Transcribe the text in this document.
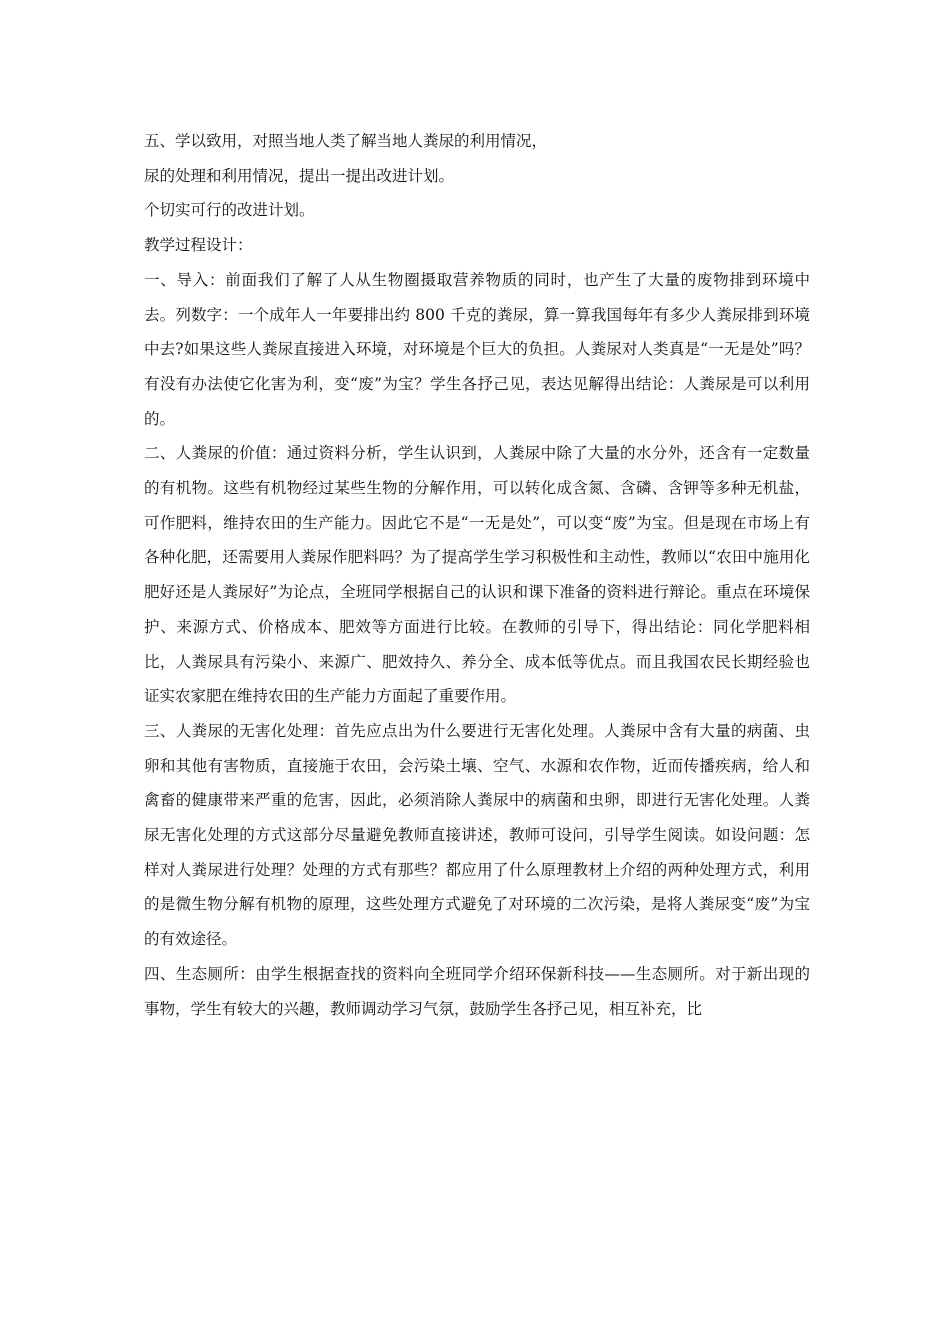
五、学以致用，对照当地人类了解当地人粪尿的利用情况，

尿的处理和利用情况，提出一提出改进计划。

个切实可行的改进计划。

教学过程设计：

一、导入：前面我们了解了人从生物圈摄取营养物质的同时，也产生了大量的废物排到环境中去。列数字：一个成年人一年要排出约 800 千克的粪尿，算一算我国每年有多少人粪尿排到环境中去?如果这些人粪尿直接进入环境，对环境是个巨大的负担。人粪尿对人类真是“一无是处”吗？有没有办法使它化害为利，变“废”为宝？学生各抒己见，表达见解得出结论：人粪尿是可以利用的。

二、人粪尿的价值：通过资料分析，学生认识到，人粪尿中除了大量的水分外，还含有一定数量的有机物。这些有机物经过某些生物的分解作用，可以转化成含氮、含磷、含钾等多种无机盐，可作肥料，维持农田的生产能力。因此它不是“一无是处”，可以变“废”为宝。但是现在市场上有各种化肥，还需要用人粪尿作肥料吗？为了提高学生学习积极性和主动性，教师以“农田中施用化肥好还是人粪尿好”为论点，全班同学根据自己的认识和课下准备的资料进行辩论。重点在环境保护、来源方式、价格成本、肥效等方面进行比较。在教师的引导下，得出结论：同化学肥料相比，人粪尿具有污染小、来源广、肥效持久、养分全、成本低等优点。而且我国农民长期经验也证实农家肥在维持农田的生产能力方面起了重要作用。

三、人粪尿的无害化处理：首先应点出为什么要进行无害化处理。人粪尿中含有大量的病菌、虫卵和其他有害物质，直接施于农田，会污染土壤、空气、水源和农作物，近而传播疾病，给人和禽畜的健康带来严重的危害，因此，必须消除人粪尿中的病菌和虫卵，即进行无害化处理。人粪尿无害化处理的方式这部分尽量避免教师直接讲述，教师可设问，引导学生阅读。如设问题：怎样对人粪尿进行处理？处理的方式有那些？都应用了什么原理教材上介绍的两种处理方式，利用的是微生物分解有机物的原理，这些处理方式避免了对环境的二次污染，是将人粪尿变“废”为宝的有效途径。

四、生态厕所：由学生根据查找的资料向全班同学介绍环保新科技——生态厕所。对于新出现的事物，学生有较大的兴趣，教师调动学习气氛，鼓励学生各抒己见，相互补充，比
